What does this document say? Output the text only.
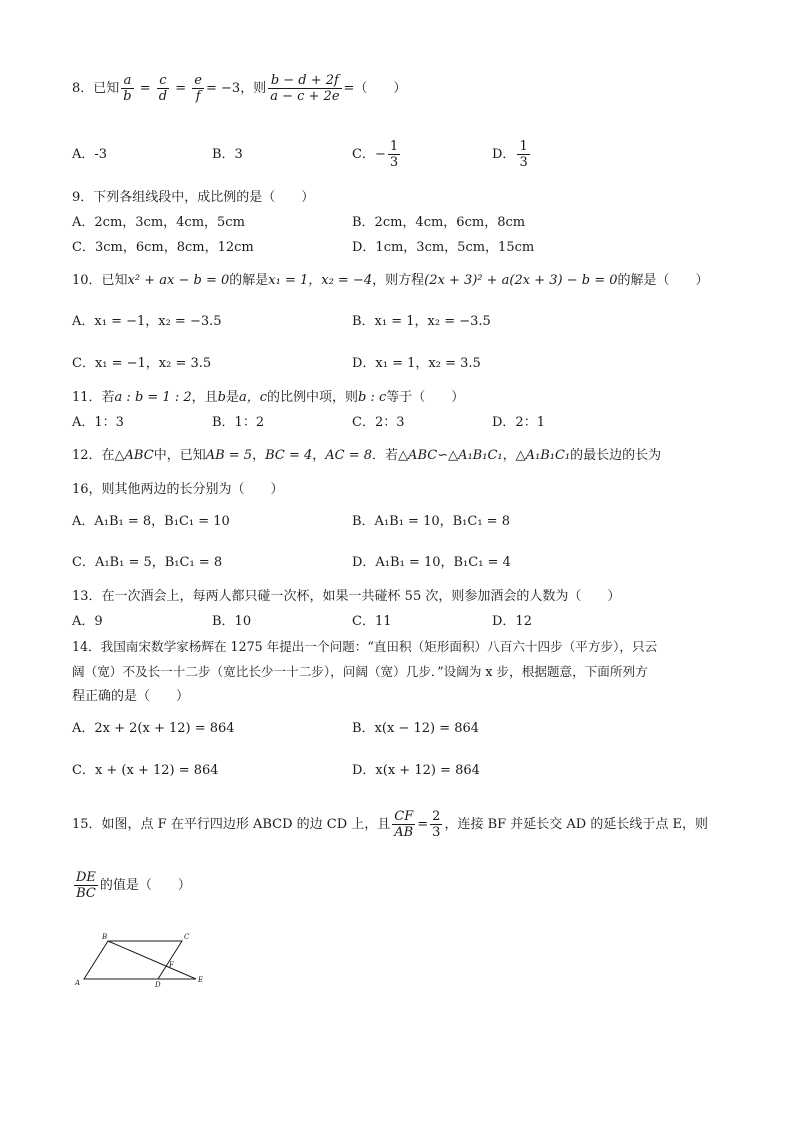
8．已知 $\frac{a}{b} = \frac{c}{d} = \frac{e}{f} = -3$，则 $\frac{b - d + 2f}{a - c + 2e}$ =（　　）
A．-3	B．3	C．− $\frac{1}{3}$	D． $\frac{1}{3}$
9．下列各组线段中，成比例的是（　　）
A．2cm，3cm，4cm，5cm	B．2cm，4cm，6cm，8cm
C．3cm，6cm，8cm，12cm	D．1cm，3cm，5cm，15cm
10．已知x² + ax − b = 0的解是x₁ = 1，x₂ = −4，则方程(2x + 3)² + a(2x + 3) − b = 0的解是（　　）
A．x₁ = −1，x₂ = −3.5	B．x₁ = 1，x₂ = −3.5
C．x₁ = −1，x₂ = 3.5	D．x₁ = 1，x₂ = 3.5
11．若a : b = 1 : 2，且b是a，c的比例中项，则b : c等于（　　）
A．1：3	B．1：2	C．2：3	D．2：1
12．在△ABC中，已知AB = 5，BC = 4，AC = 8．若△ABC∽△A₁B₁C₁，△A₁B₁C₁的最长边的长为
16，则其他两边的长分别为（　　）
A．A₁B₁ = 8，B₁C₁ = 10	B．A₁B₁ = 10，B₁C₁ = 8
C．A₁B₁ = 5，B₁C₁ = 8	D．A₁B₁ = 10，B₁C₁ = 4
13．在一次酒会上，每两人都只碰一次杯，如果一共碰杯 55 次，则参加酒会的人数为（　　）
A．9	B．10	C．11	D．12
14．我国南宋数学家杨辉在 1275 年提出一个问题：“直田积（矩形面积）八百六十四步（平方步），只云
阔（宽）不及长一十二步（宽比长少一十二步），问阔（宽）几步．”设阔为 x 步，根据题意，下面所列方
程正确的是（　　）
A．2x + 2(x + 12) = 864	B．x(x − 12) = 864
C．x + (x + 12) = 864	D．x(x + 12) = 864
15．如图，点 F 在平行四边形 ABCD 的边 CD 上，且 $\frac{CF}{AB} = \frac{2}{3}$ ，连接 BF 并延长交 AD 的延长线于点 E，则
$\frac{DE}{BC}$ 的值是（　　）
A
B	C
D
E
F
